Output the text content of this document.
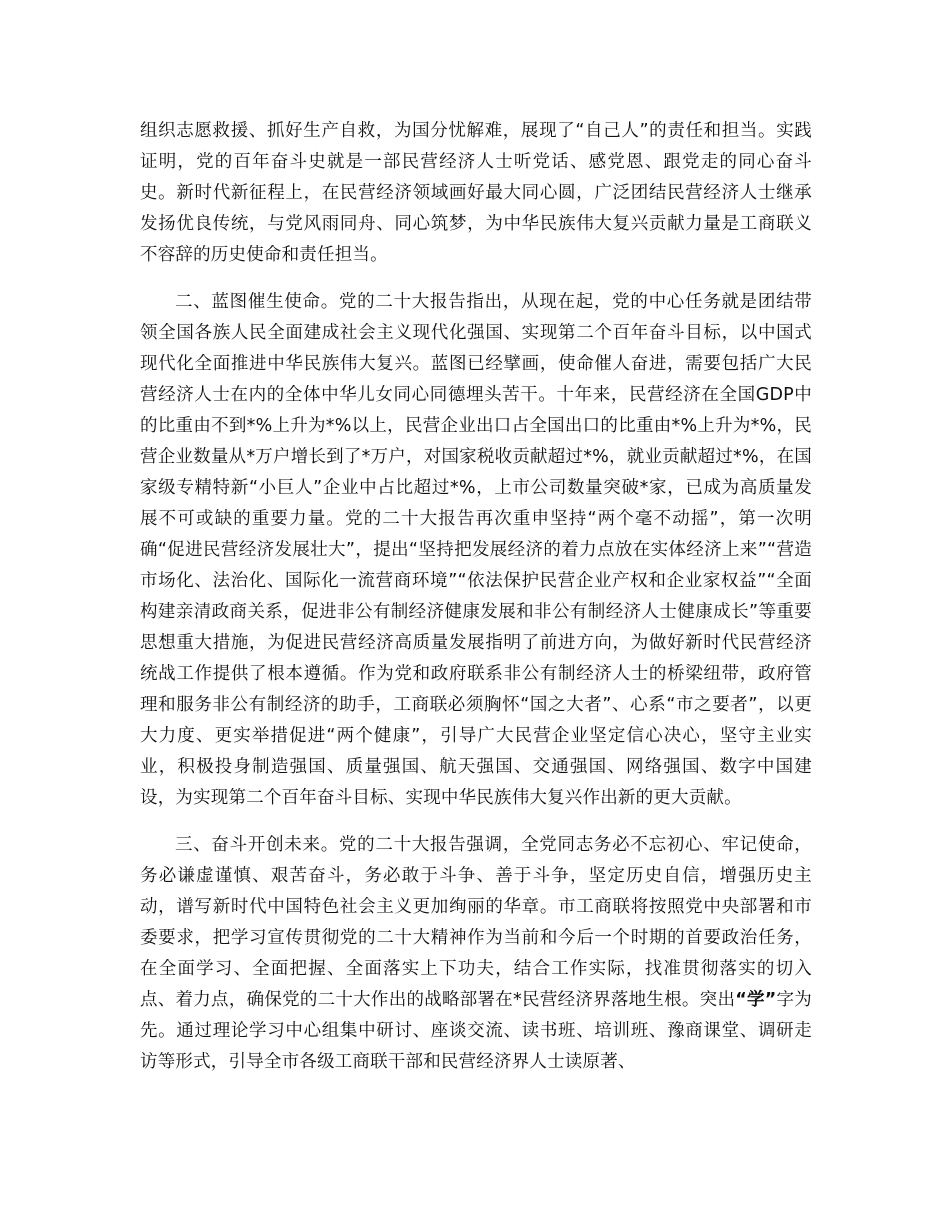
组织志愿救援、抓好生产自救，为国分忧解难，展现了“自己人”的责任和担当。实践证明，党的百年奋斗史就是一部民营经济人士听党话、感党恩、跟党走的同心奋斗史。新时代新征程上，在民营经济领域画好最大同心圆，广泛团结民营经济人士继承发扬优良传统，与党风雨同舟、同心筑梦，为中华民族伟大复兴贡献力量是工商联义不容辞的历史使命和责任担当。

二、蓝图催生使命。党的二十大报告指出，从现在起，党的中心任务就是团结带领全国各族人民全面建成社会主义现代化强国、实现第二个百年奋斗目标，以中国式现代化全面推进中华民族伟大复兴。蓝图已经擘画，使命催人奋进，需要包括广大民营经济人士在内的全体中华儿女同心同德埋头苦干。十年来，民营经济在全国GDP中的比重由不到*%上升为*%以上，民营企业出口占全国出口的比重由*%上升为*%，民营企业数量从*万户增长到了*万户，对国家税收贡献超过*%，就业贡献超过*%，在国家级专精特新“小巨人”企业中占比超过*%，上市公司数量突破*家，已成为高质量发展不可或缺的重要力量。党的二十大报告再次重申坚持“两个毫不动摇”，第一次明确“促进民营经济发展壮大”，提出“坚持把发展经济的着力点放在实体经济上来”“营造市场化、法治化、国际化一流营商环境”“依法保护民营企业产权和企业家权益”“全面构建亲清政商关系，促进非公有制经济健康发展和非公有制经济人士健康成长”等重要思想重大措施，为促进民营经济高质量发展指明了前进方向，为做好新时代民营经济统战工作提供了根本遵循。作为党和政府联系非公有制经济人士的桥梁纽带，政府管理和服务非公有制经济的助手，工商联必须胸怀“国之大者”、心系“市之要者”，以更大力度、更实举措促进“两个健康”，引导广大民营企业坚定信心决心，坚守主业实业，积极投身制造强国、质量强国、航天强国、交通强国、网络强国、数字中国建设，为实现第二个百年奋斗目标、实现中华民族伟大复兴作出新的更大贡献。

三、奋斗开创未来。党的二十大报告强调，全党同志务必不忘初心、牢记使命，务必谦虚谨慎、艰苦奋斗，务必敢于斗争、善于斗争，坚定历史自信，增强历史主动，谱写新时代中国特色社会主义更加绚丽的华章。市工商联将按照党中央部署和市委要求，把学习宣传贯彻党的二十大精神作为当前和今后一个时期的首要政治任务，在全面学习、全面把握、全面落实上下功夫，结合工作实际，找准贯彻落实的切入点、着力点，确保党的二十大作出的战略部署在*民营经济界落地生根。突出“学”字为先。通过理论学习中心组集中研讨、座谈交流、读书班、培训班、豫商课堂、调研走访等形式，引导全市各级工商联干部和民营经济界人士读原著、
